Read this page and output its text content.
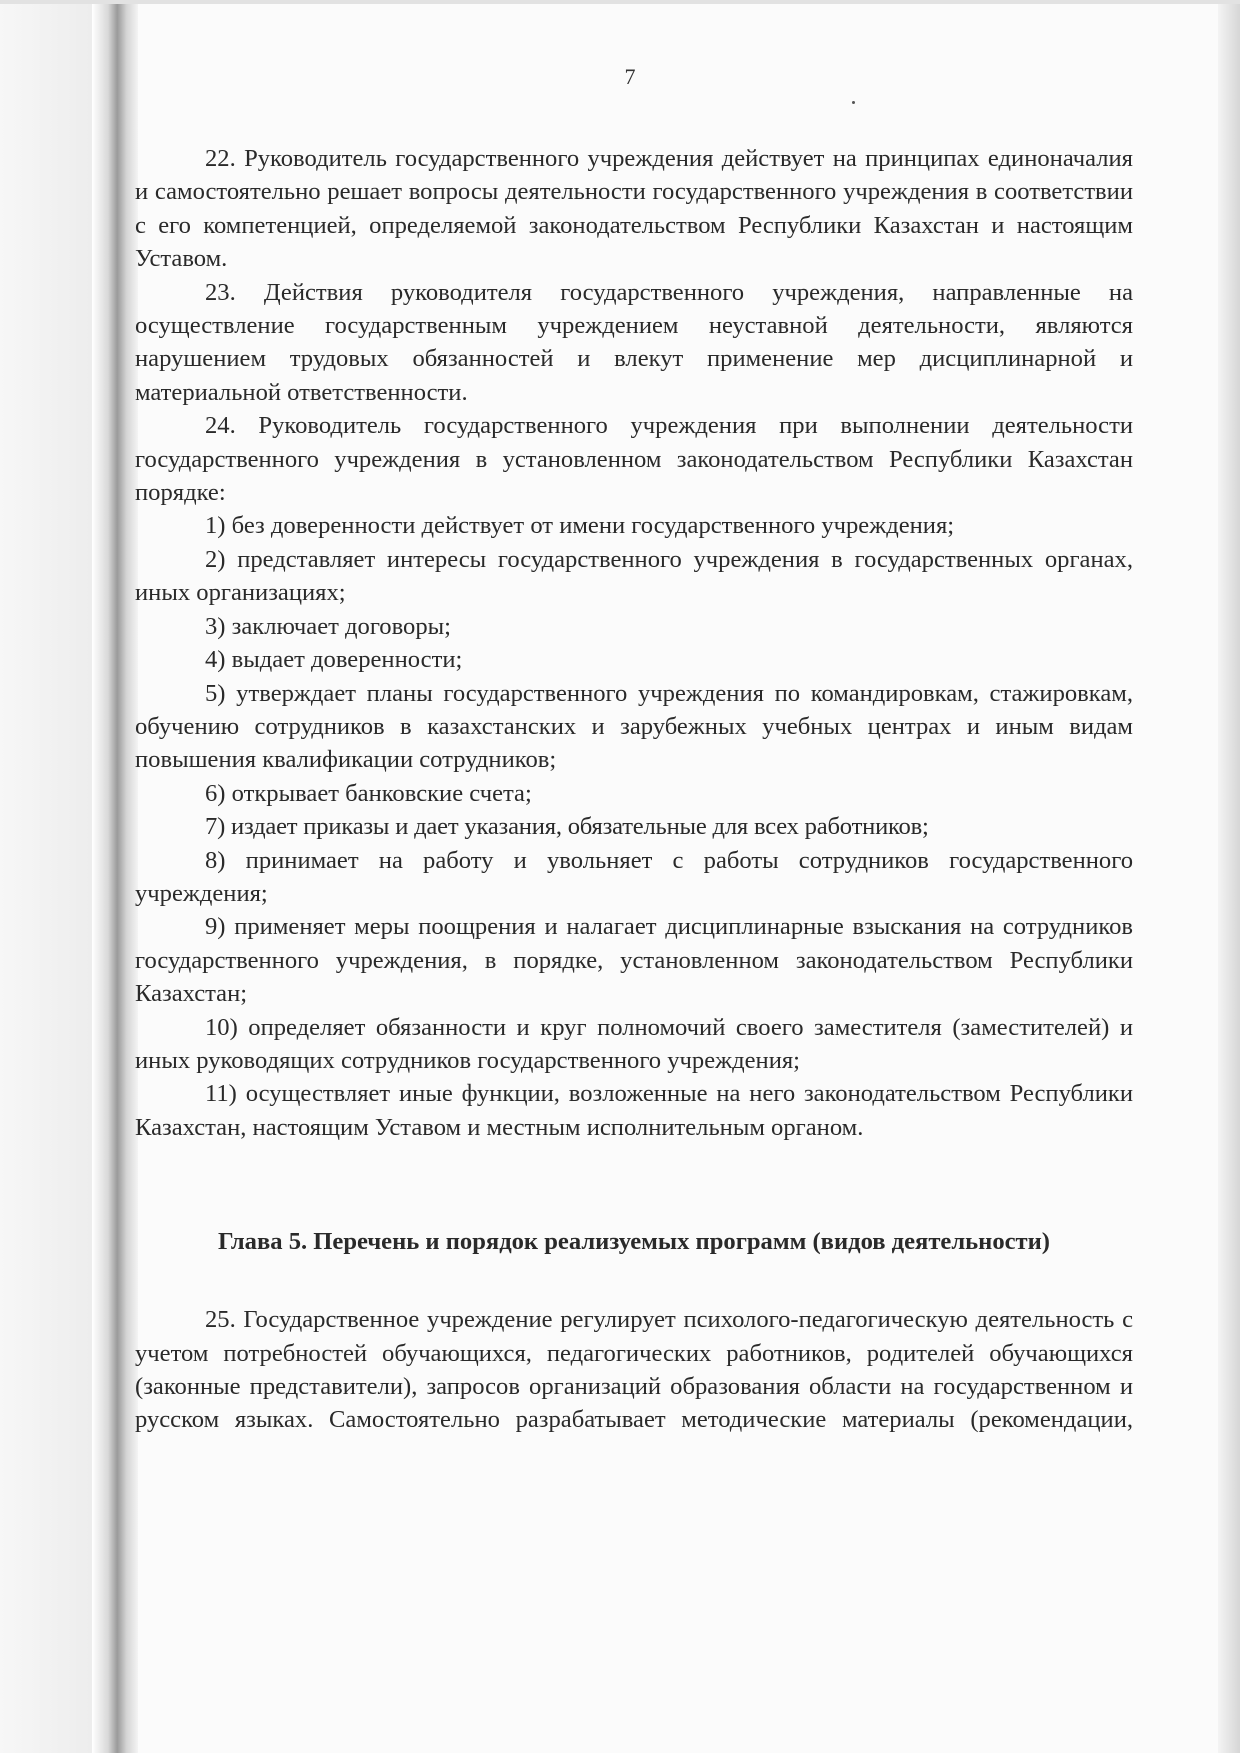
7

22. Руководитель государственного учреждения действует на принципах единоначалия и самостоятельно решает вопросы деятельности государственного учреждения в соответствии с его компетенцией, определяемой законодательством Республики Казахстан и настоящим Уставом.

23. Действия руководителя государственного учреждения, направленные на осуществление государственным учреждением неуставной деятельности, являются нарушением трудовых обязанностей и влекут применение мер дисциплинарной и материальной ответственности.

24. Руководитель государственного учреждения при выполнении деятельности государственного учреждения в установленном законодательством Республики Казахстан порядке:

1) без доверенности действует от имени государственного учреждения;

2) представляет интересы государственного учреждения в государственных органах, иных организациях;

3) заключает договоры;

4) выдает доверенности;

5) утверждает планы государственного учреждения по командировкам, стажировкам, обучению сотрудников в казахстанских и зарубежных учебных центрах и иным видам повышения квалификации сотрудников;

6) открывает банковские счета;

7) издает приказы и дает указания, обязательные для всех работников;

8) принимает на работу и увольняет с работы сотрудников государственного учреждения;

9) применяет меры поощрения и налагает дисциплинарные взыскания на сотрудников государственного учреждения, в порядке, установленном законодательством Республики Казахстан;

10) определяет обязанности и круг полномочий своего заместителя (заместителей) и иных руководящих сотрудников государственного учреждения;

11) осуществляет иные функции, возложенные на него законодательством Республики Казахстан, настоящим Уставом и местным исполнительным органом.

Глава 5. Перечень и порядок реализуемых программ (видов деятельности)

25. Государственное учреждение регулирует психолого-педагогическую деятельность с учетом потребностей обучающихся, педагогических работников, родителей обучающихся (законные представители), запросов организаций образования области на государственном и русском языках. Самостоятельно разрабатывает методические материалы (рекомендации,
